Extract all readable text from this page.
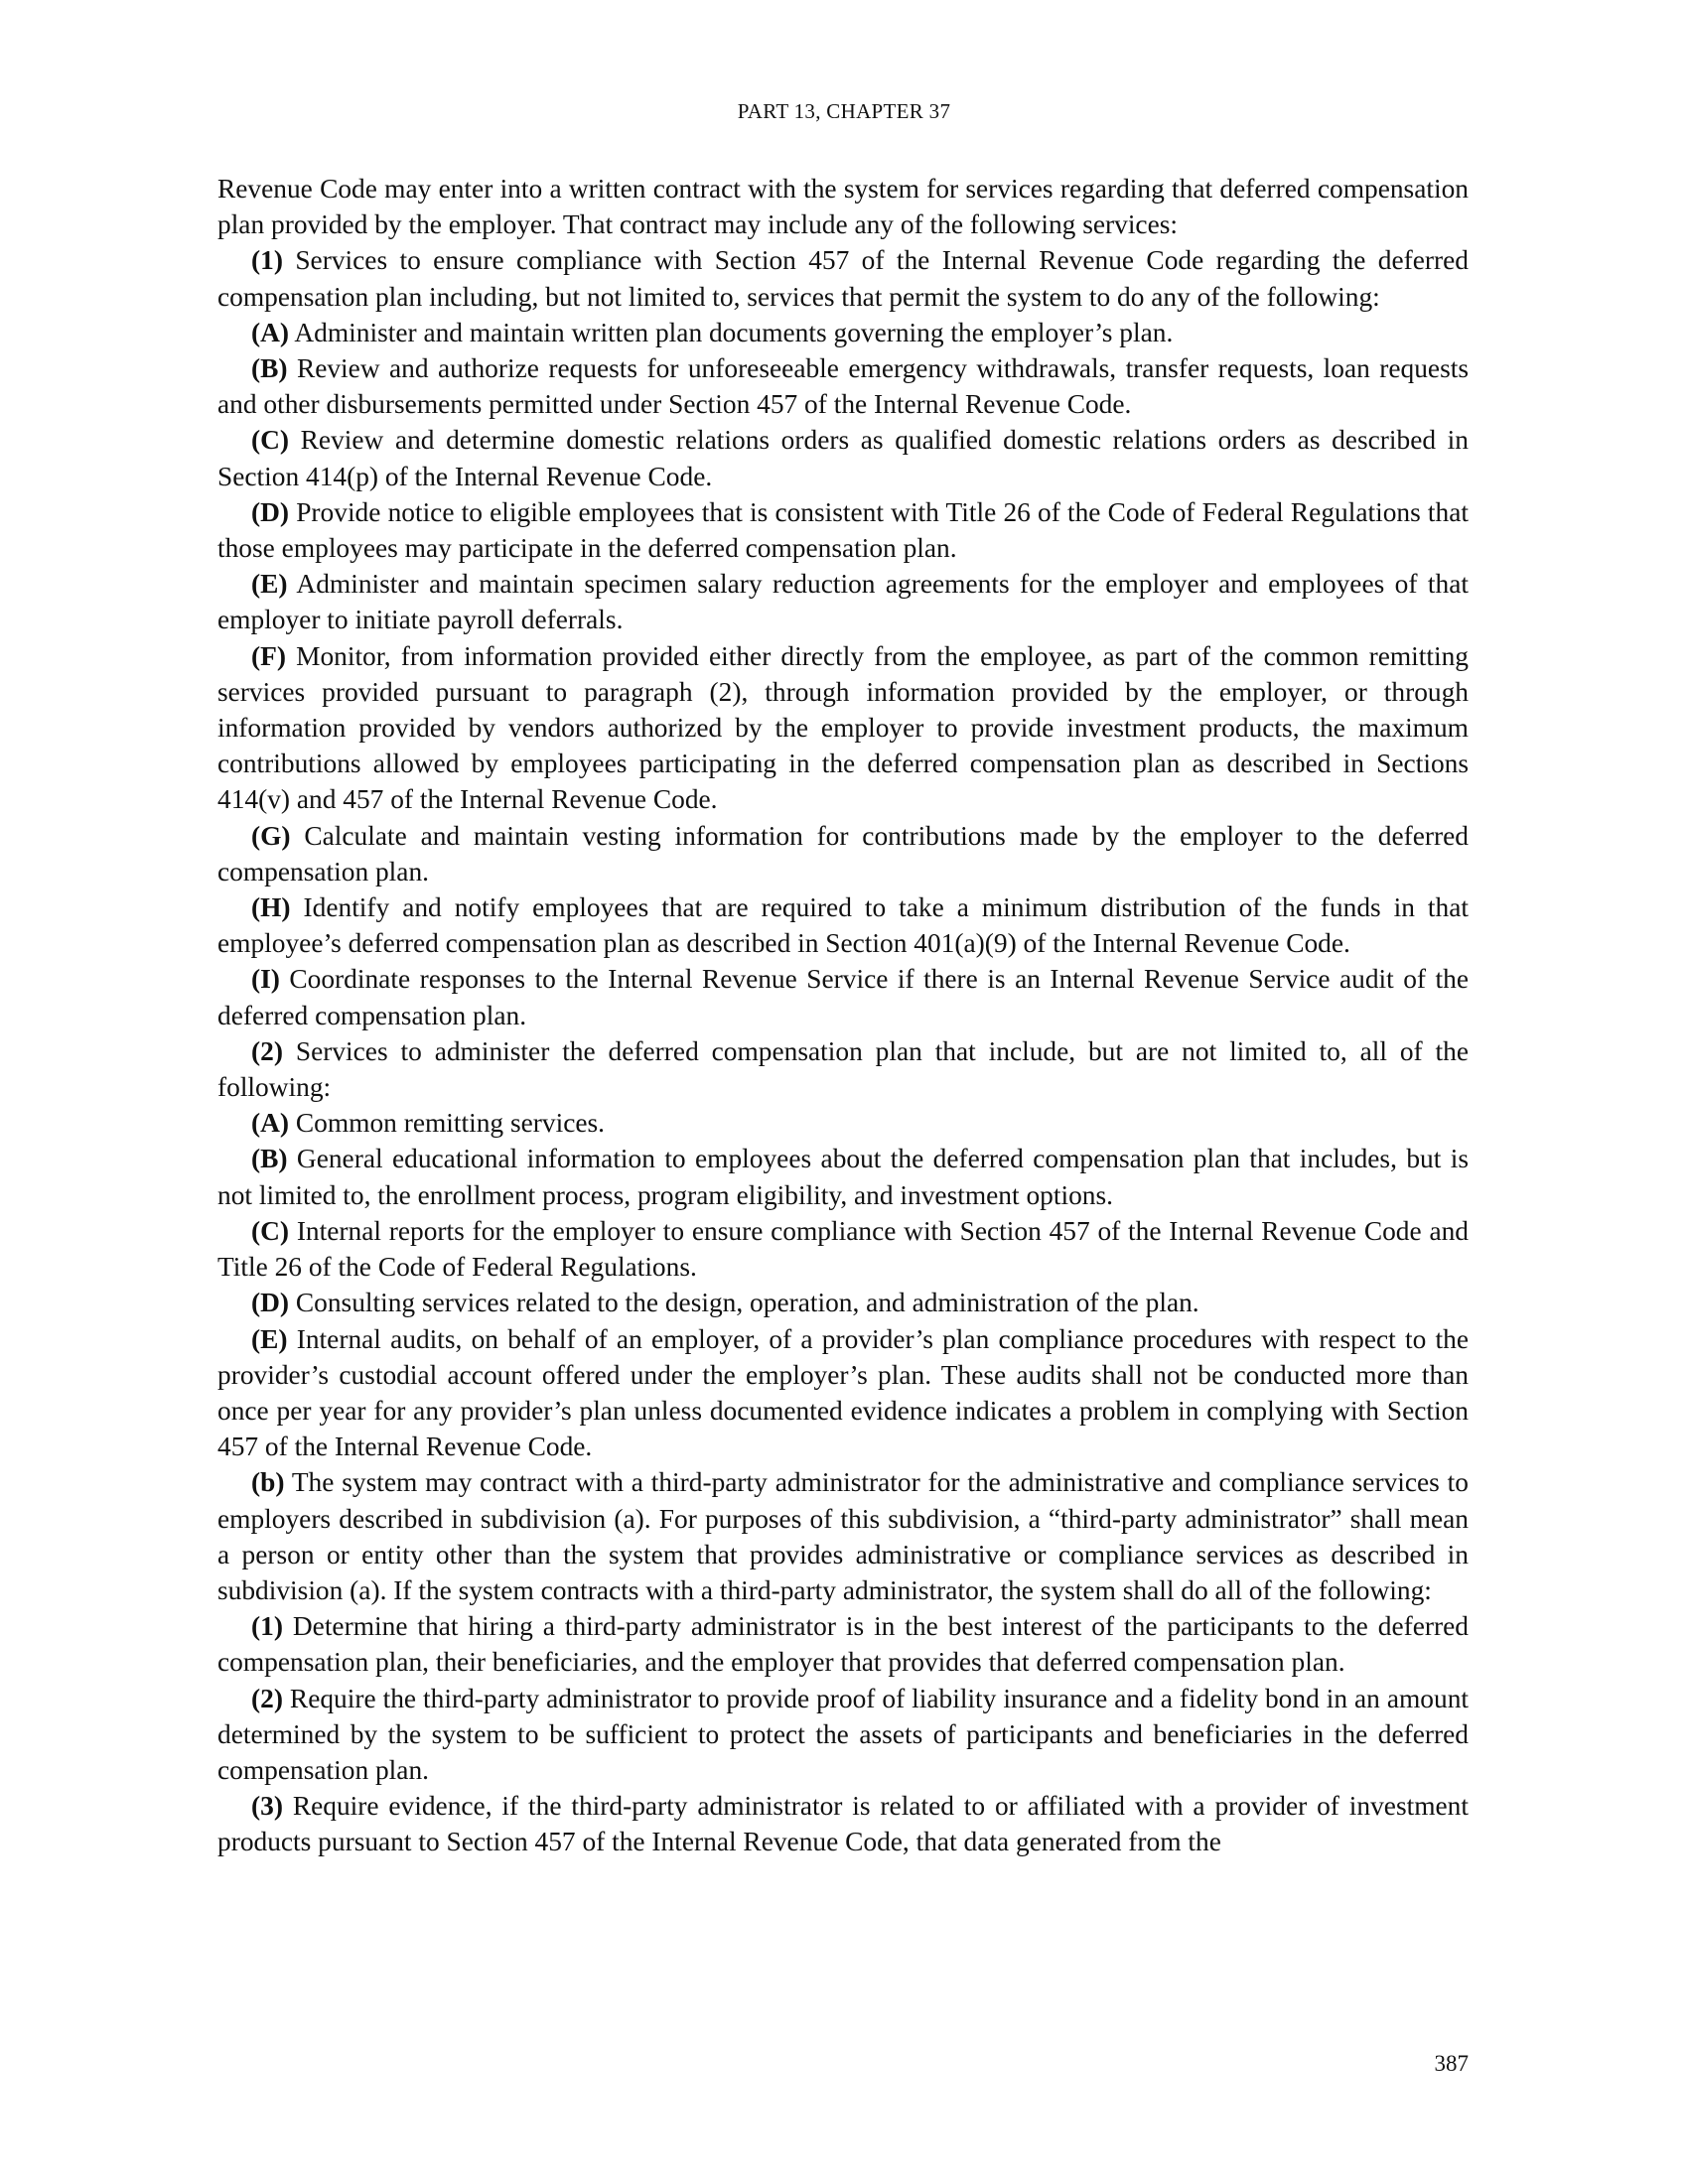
PART 13, CHAPTER 37

Revenue Code may enter into a written contract with the system for services regarding that deferred compensation plan provided by the employer. That contract may include any of the following services:

(1) Services to ensure compliance with Section 457 of the Internal Revenue Code regarding the deferred compensation plan including, but not limited to, services that permit the system to do any of the following:

(A) Administer and maintain written plan documents governing the employer’s plan.

(B) Review and authorize requests for unforeseeable emergency withdrawals, transfer requests, loan requests and other disbursements permitted under Section 457 of the Internal Revenue Code.

(C) Review and determine domestic relations orders as qualified domestic relations orders as described in Section 414(p) of the Internal Revenue Code.

(D) Provide notice to eligible employees that is consistent with Title 26 of the Code of Federal Regulations that those employees may participate in the deferred compensation plan.

(E) Administer and maintain specimen salary reduction agreements for the employer and employees of that employer to initiate payroll deferrals.

(F) Monitor, from information provided either directly from the employee, as part of the common remitting services provided pursuant to paragraph (2), through information provided by the employer, or through information provided by vendors authorized by the employer to provide investment products, the maximum contributions allowed by employees participating in the deferred compensation plan as described in Sections 414(v) and 457 of the Internal Revenue Code.

(G) Calculate and maintain vesting information for contributions made by the employer to the deferred compensation plan.

(H) Identify and notify employees that are required to take a minimum distribution of the funds in that employee’s deferred compensation plan as described in Section 401(a)(9) of the Internal Revenue Code.

(I) Coordinate responses to the Internal Revenue Service if there is an Internal Revenue Service audit of the deferred compensation plan.

(2) Services to administer the deferred compensation plan that include, but are not limited to, all of the following:

(A) Common remitting services.

(B) General educational information to employees about the deferred compensation plan that includes, but is not limited to, the enrollment process, program eligibility, and investment options.

(C) Internal reports for the employer to ensure compliance with Section 457 of the Internal Revenue Code and Title 26 of the Code of Federal Regulations.

(D) Consulting services related to the design, operation, and administration of the plan.

(E) Internal audits, on behalf of an employer, of a provider’s plan compliance procedures with respect to the provider’s custodial account offered under the employer’s plan. These audits shall not be conducted more than once per year for any provider’s plan unless documented evidence indicates a problem in complying with Section 457 of the Internal Revenue Code.

(b) The system may contract with a third-party administrator for the administrative and compliance services to employers described in subdivision (a). For purposes of this subdivision, a “third-party administrator” shall mean a person or entity other than the system that provides administrative or compliance services as described in subdivision (a). If the system contracts with a third-party administrator, the system shall do all of the following:

(1) Determine that hiring a third-party administrator is in the best interest of the participants to the deferred compensation plan, their beneficiaries, and the employer that provides that deferred compensation plan.

(2) Require the third-party administrator to provide proof of liability insurance and a fidelity bond in an amount determined by the system to be sufficient to protect the assets of participants and beneficiaries in the deferred compensation plan.

(3) Require evidence, if the third-party administrator is related to or affiliated with a provider of investment products pursuant to Section 457 of the Internal Revenue Code, that data generated from the

387
